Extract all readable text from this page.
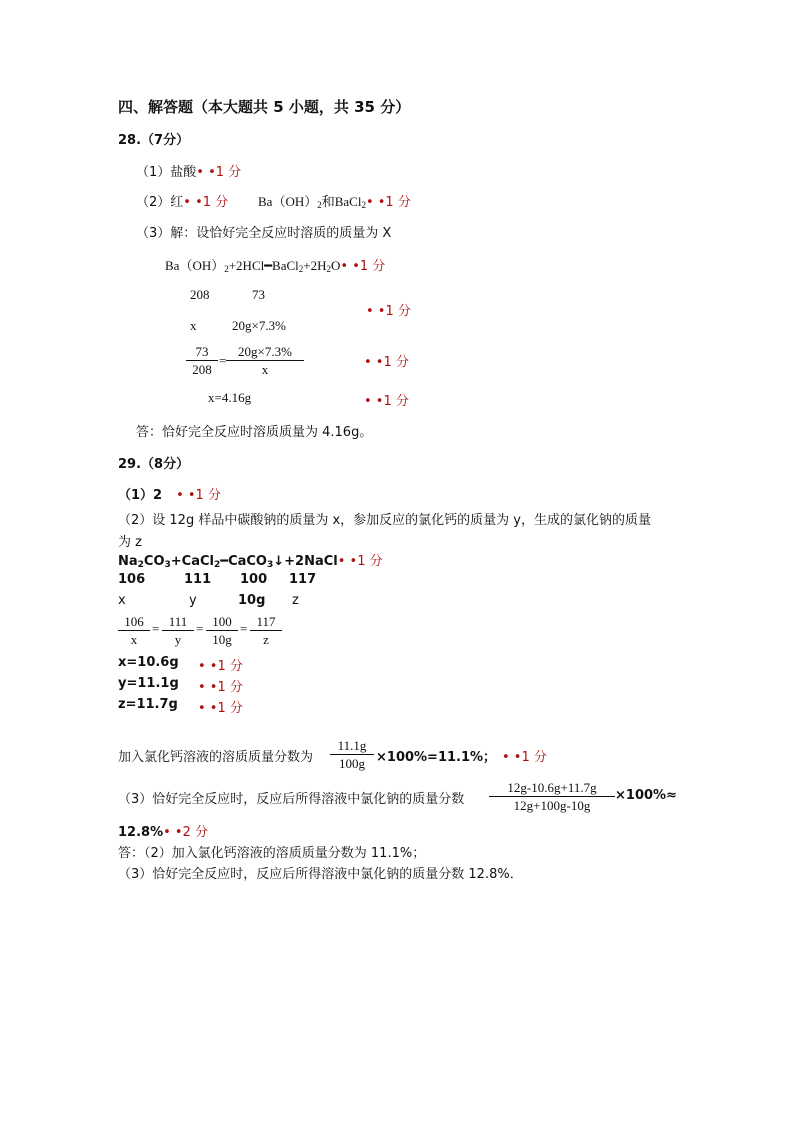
四、解答题（本大题共 5 小题，共 35 分）
28.（7分）
（1）盐酸• •1 分
（2）红• •1 分 $Ba(OH)_2$和BaCl$_2$• •1 分
（3）解：设恰好完全反应时溶质的质量为 X
$Ba(OH)_2+2HCl━BaCl_2+2H_2O•$ •1 分
208	73
• •1 分
x	20g×7.3%
$\frac{73}{208} = \frac{20g\times 7.3\%}{x}$	• •1 分
x=4.16g	• •1 分
答：恰好完全反应时溶质质量为 4.16g。
29.（8分）
（1）2 • •1 分
（2）设 12g 样品中碳酸钠的质量为 x，参加反应的氯化钙的质量为 y，生成的氯化钠的质量
为 z
$Na_2CO_3+CaCl_2━CaCO_3↓+2NaCl•$ •1 分
106	111 100 117
x	y	10g z
$\frac{106}{x} = \frac{111}{y} = \frac{100}{10g} = \frac{117}{z}$
x=10.6g • •1 分
y=11.1g • •1 分
z=11.7g • •1 分
加入氯化钙溶液的溶质质量分数为 $\frac{11.1g}{100g} \times 100\%=11.1\%$； • •1 分
（3）恰好完全反应时，反应后所得溶液中氯化钠的质量分数 $\frac{12g-10.6g+11.7g}{12g+100g-10g} \times 100\%\approx$
12.8%• •2 分
答：（2）加入氯化钙溶液的溶质质量分数为 11.1%；
（3）恰好完全反应时，反应后所得溶液中氯化钠的质量分数 12.8%．
